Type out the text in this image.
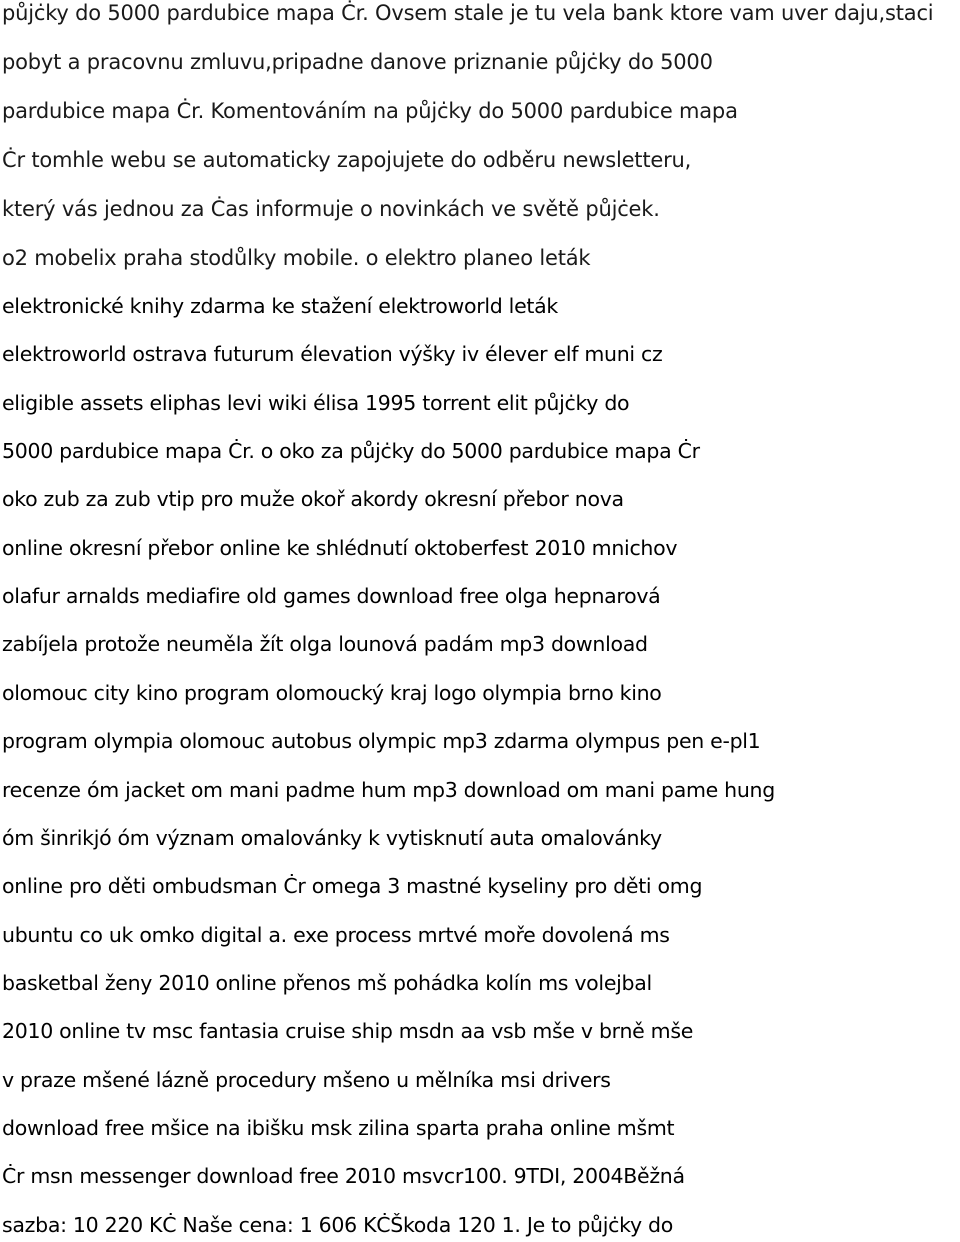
půjċky do 5000 pardubice mapa Ċr. Ovsem stale je tu vela bank ktore vam uver daju,staci
pobyt a pracovnu zmluvu,pripadne danove priznanie půjċky do 5000
pardubice mapa Ċr. Komentováním na půjċky do 5000 pardubice mapa
Ċr tomhle webu se automaticky zapojujete do odběru newsletteru,
který vás jednou za Ċas informuje o novinkách ve světě půjċek.
o2 mobelix praha stodůlky mobile. o elektro planeo leták
elektronické knihy zdarma ke stažení elektroworld leták
elektroworld ostrava futurum élevation výšky iv élever elf muni cz
eligible assets eliphas levi wiki élisa 1995 torrent elit půjċky do
5000 pardubice mapa Ċr. o oko za půjċky do 5000 pardubice mapa Ċr
oko zub za zub vtip pro muže okoř akordy okresní přebor nova
online okresní přebor online ke shlédnutí oktoberfest 2010 mnichov
olafur arnalds mediafire old games download free olga hepnarová
zabíjela protože neuměla žít olga lounová padám mp3 download
olomouc city kino program olomoucký kraj logo olympia brno kino
program olympia olomouc autobus olympic mp3 zdarma olympus pen e-pl1
recenze óm jacket om mani padme hum mp3 download om mani pame hung
óm šinrikjó óm význam omalovánky k vytisknutí auta omalovánky
online pro děti ombudsman Ċr omega 3 mastné kyseliny pro děti omg
ubuntu co uk omko digital a. exe process mrtvé moře dovolená ms
basketbal ženy 2010 online přenos mš pohádka kolín ms volejbal
2010 online tv msc fantasia cruise ship msdn aa vsb mše v brně mše
v praze mšené lázně procedury mšeno u mělníka msi drivers
download free mšice na ibišku msk zilina sparta praha online mšmt
Ċr msn messenger download free 2010 msvcr100. 9TDI, 2004Běžná
sazba: 10 220 KĊ Naše cena: 1 606 KĊŠkoda 120 1. Je to půjċky do
